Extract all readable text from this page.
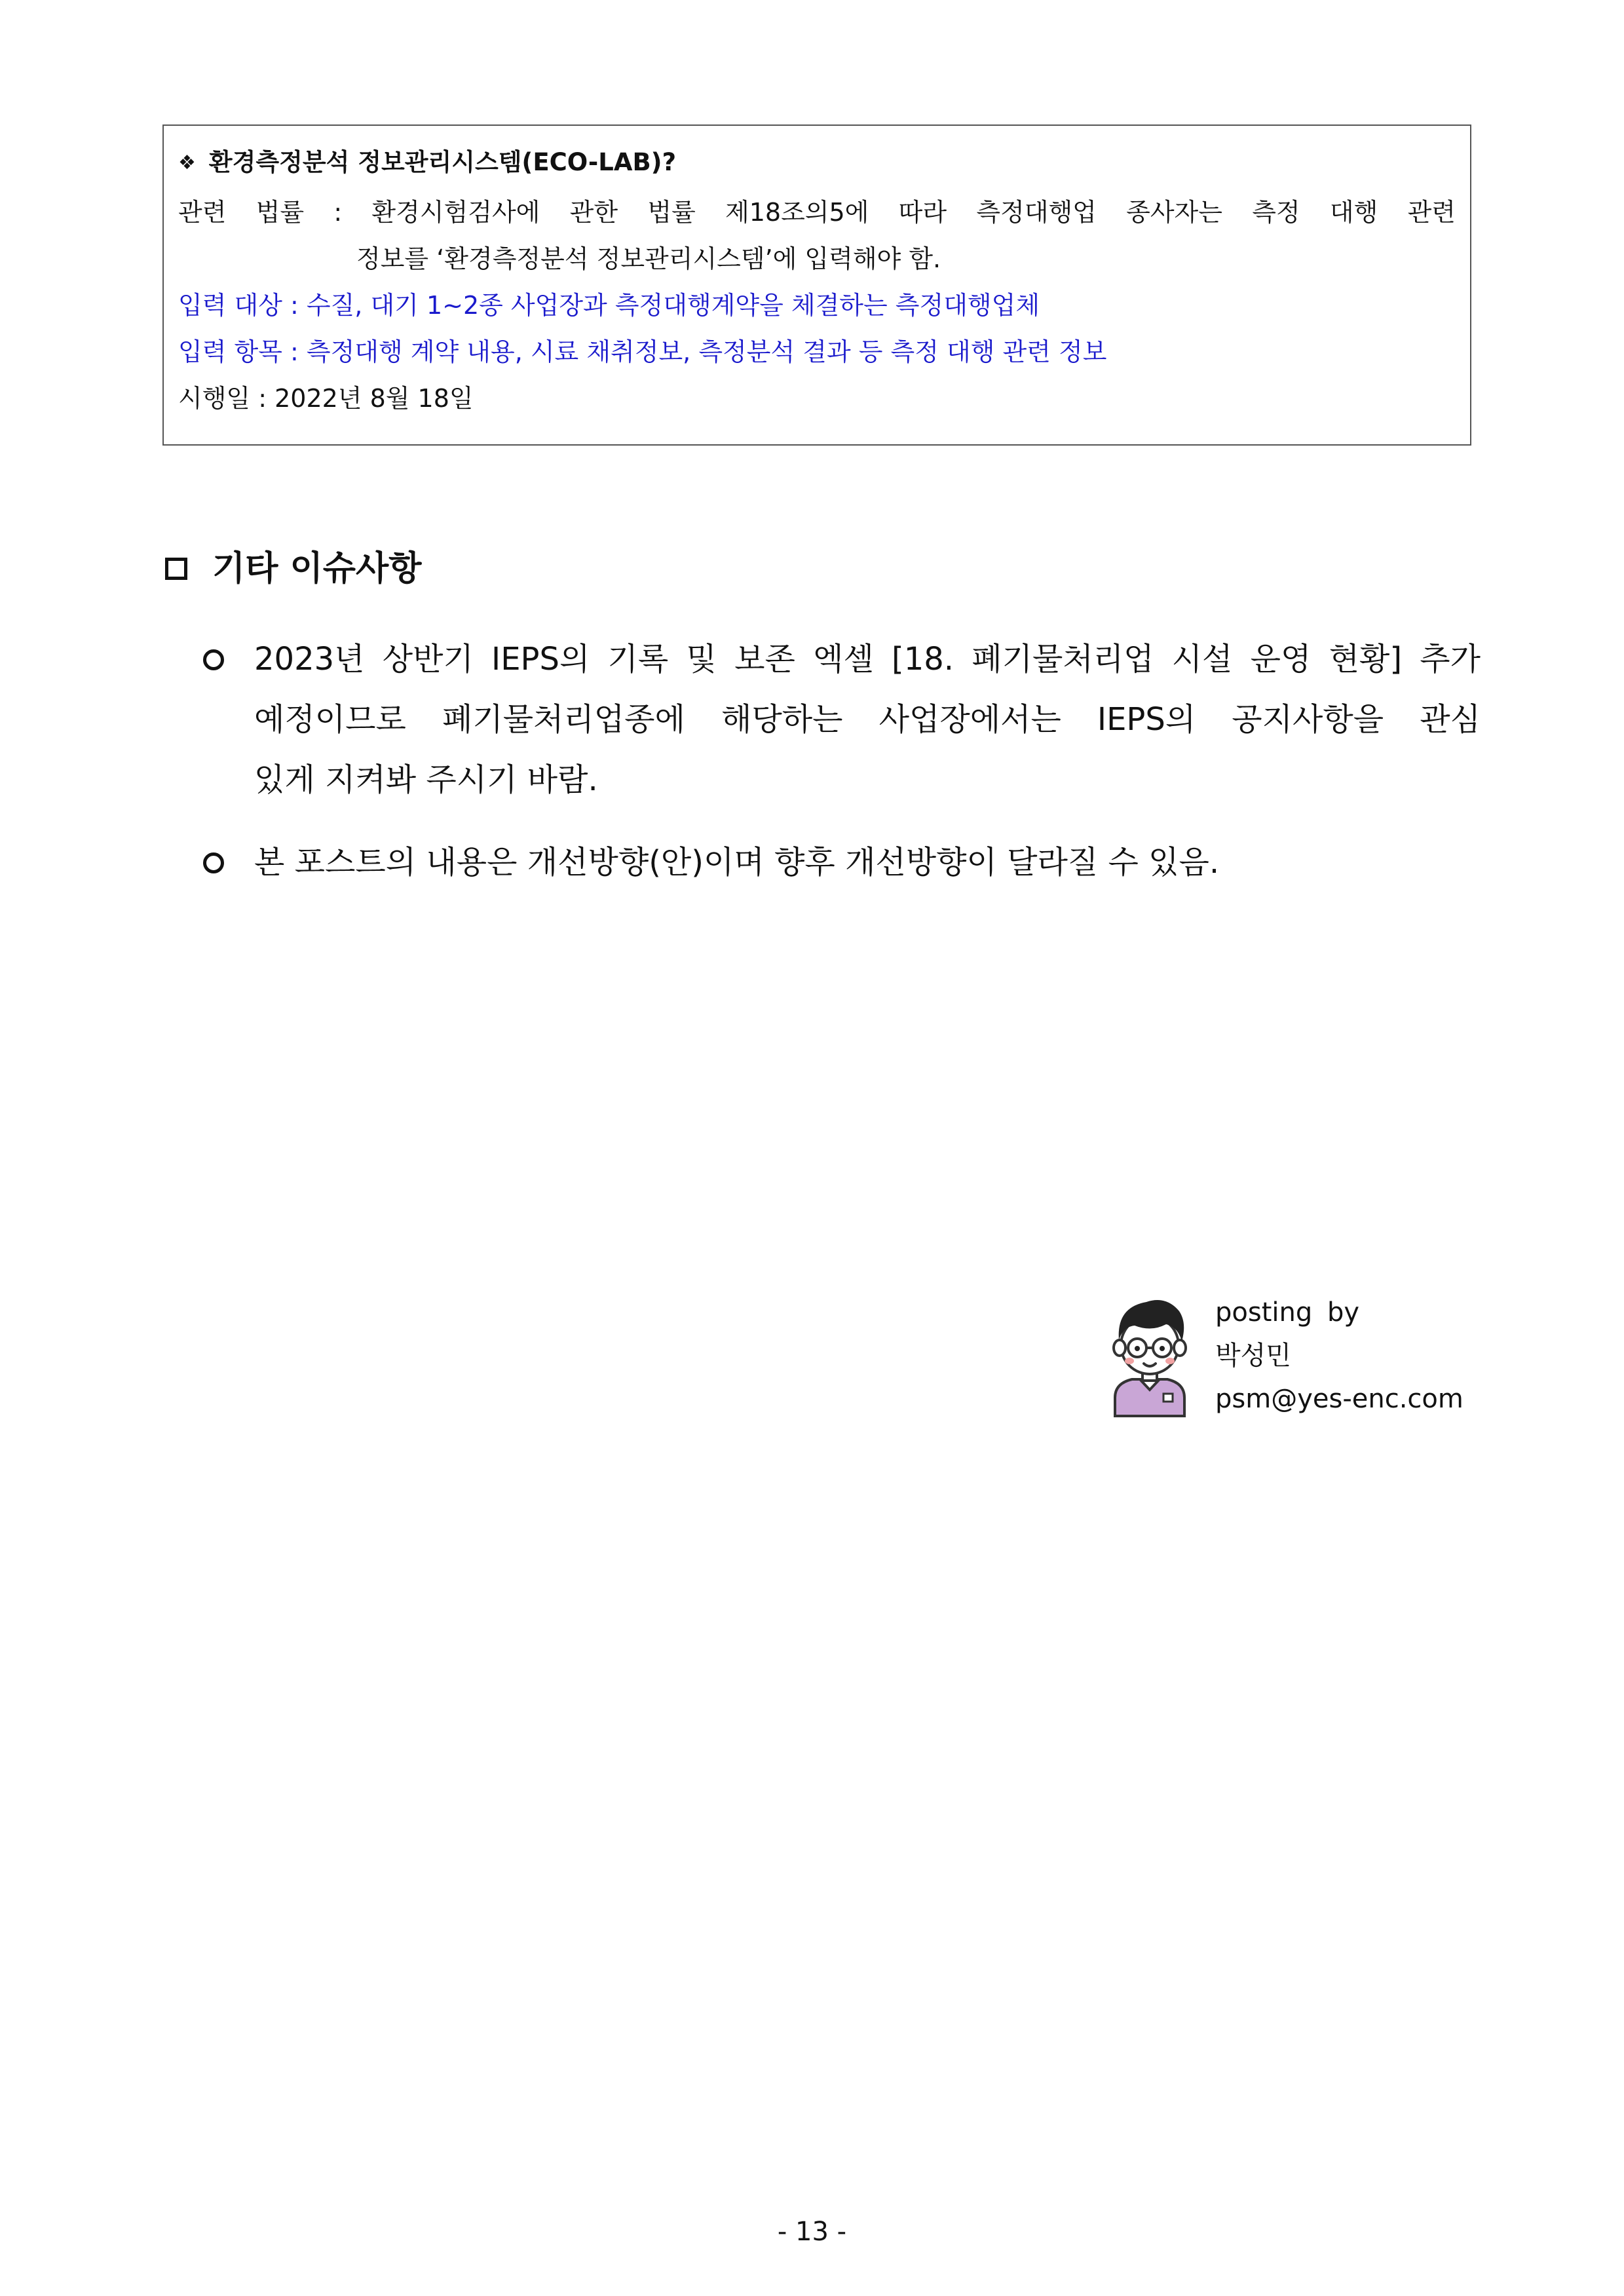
❖ 환경측정분석 정보관리시스템(ECO-LAB)?
관련 법률 : 환경시험검사에 관한 법률 제18조의5에 따라 측정대행업 종사자는 측정 대행 관련
정보를 ‘환경측정분석 정보관리시스템’에 입력해야 함.
입력 대상 : 수질, 대기 1~2종 사업장과 측정대행계약을 체결하는 측정대행업체
입력 항목 : 측정대행 계약 내용, 시료 채취정보, 측정분석 결과 등 측정 대행 관련 정보
시행일 : 2022년 8월 18일
기타 이슈사항
2023년 상반기 IEPS의 기록 및 보존 엑셀 [18. 폐기물처리업 시설 운영 현황] 추가
예정이므로 폐기물처리업종에 해당하는 사업장에서는 IEPS의 공지사항을 관심
있게 지켜봐 주시기 바람.
본 포스트의 내용은 개선방향(안)이며 향후 개선방향이 달라질 수 있음.
posting by
박성민
psm@yes-enc.com
- 13 -
